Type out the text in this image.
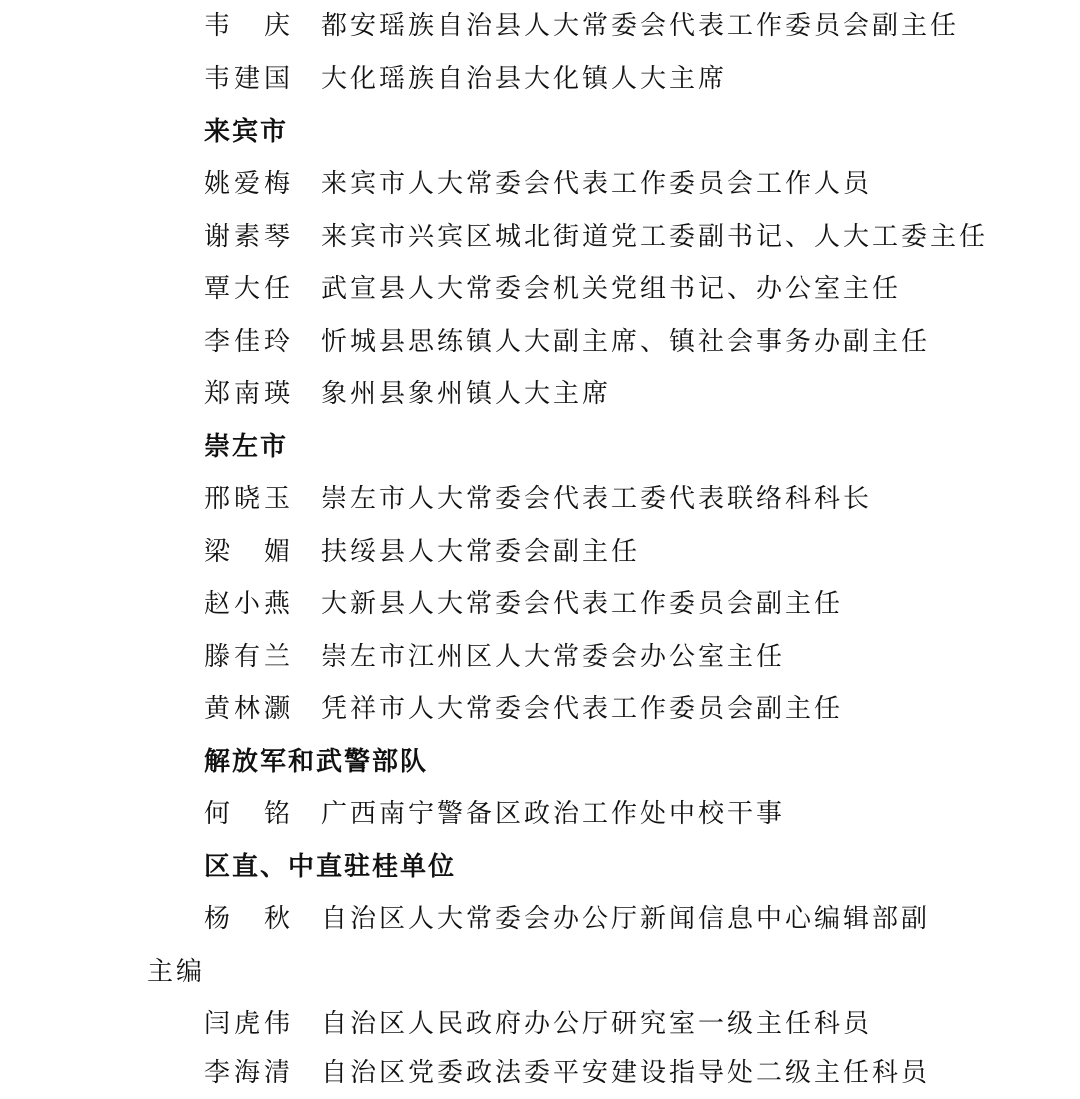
韦　庆 都安瑶族自治县人大常委会代表工作委员会副主任
韦建国 大化瑶族自治县大化镇人大主席
来宾市
姚爱梅 来宾市人大常委会代表工作委员会工作人员
谢素琴 来宾市兴宾区城北街道党工委副书记、人大工委主任
覃大任 武宣县人大常委会机关党组书记、办公室主任
李佳玲 忻城县思练镇人大副主席、镇社会事务办副主任
郑南瑛 象州县象州镇人大主席
崇左市
邢晓玉 崇左市人大常委会代表工委代表联络科科长
梁　媚 扶绥县人大常委会副主任
赵小燕 大新县人大常委会代表工作委员会副主任
滕有兰 崇左市江州区人大常委会办公室主任
黄林灏 凭祥市人大常委会代表工作委员会副主任
解放军和武警部队
何　铭 广西南宁警备区政治工作处中校干事
区直、中直驻桂单位
杨　秋 自治区人大常委会办公厅新闻信息中心编辑部副
主编
闫虎伟 自治区人民政府办公厅研究室一级主任科员
李海清 自治区党委政法委平安建设指导处二级主任科员
